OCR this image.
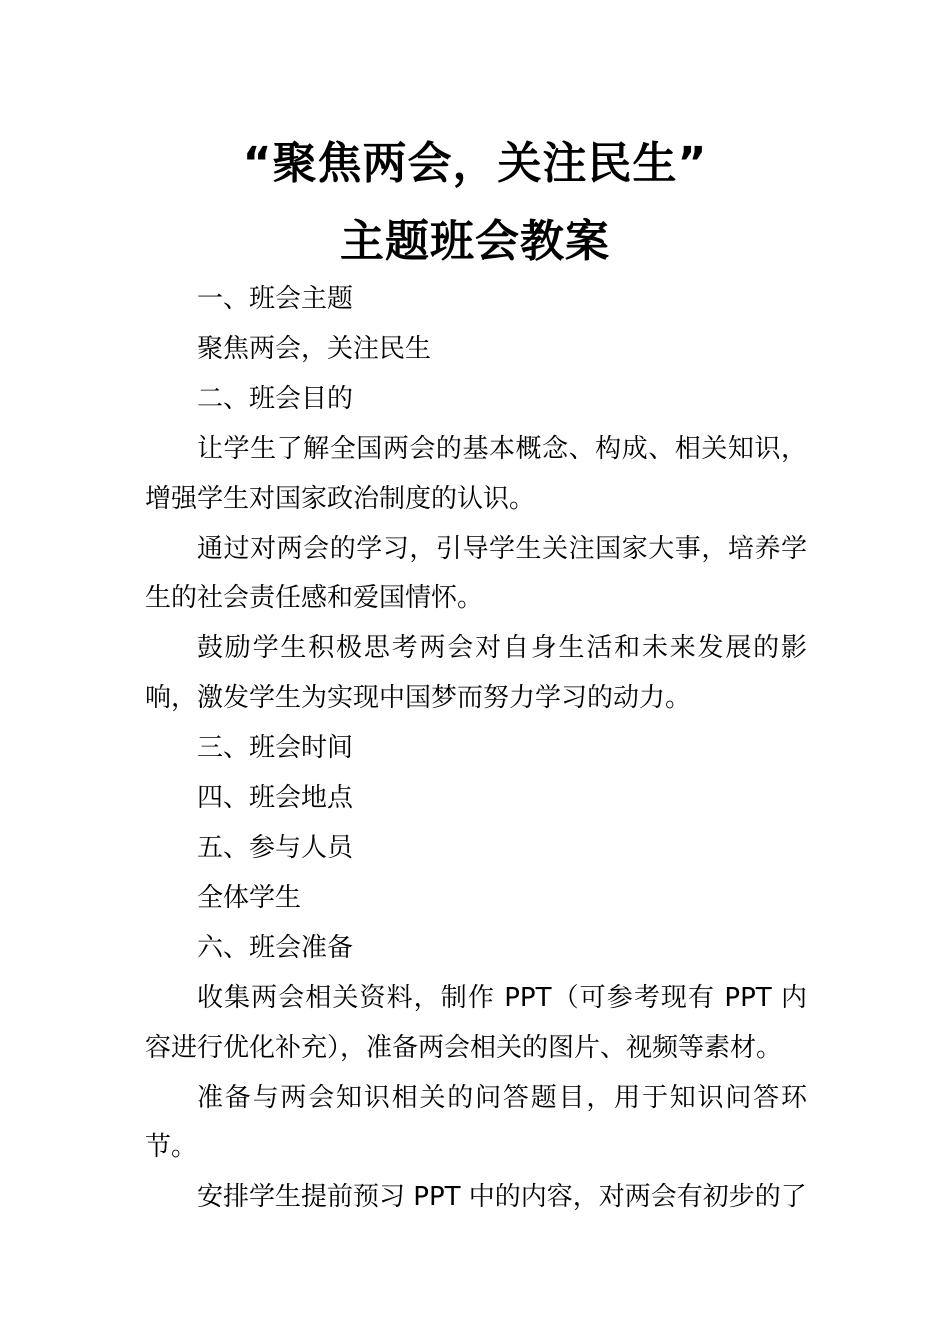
“聚焦两会，关注民生”
主题班会教案

一、班会主题

聚焦两会，关注民生

二、班会目的

让学生了解全国两会的基本概念、构成、相关知识，增强学生对国家政治制度的认识。

通过对两会的学习，引导学生关注国家大事，培养学生的社会责任感和爱国情怀。

鼓励学生积极思考两会对自身生活和未来发展的影响，激发学生为实现中国梦而努力学习的动力。

三、班会时间

四、班会地点

五、参与人员

全体学生

六、班会准备

收集两会相关资料，制作 PPT（可参考现有 PPT 内容进行优化补充），准备两会相关的图片、视频等素材。

准备与两会知识相关的问答题目，用于知识问答环节。

安排学生提前预习 PPT 中的内容，对两会有初步的了
